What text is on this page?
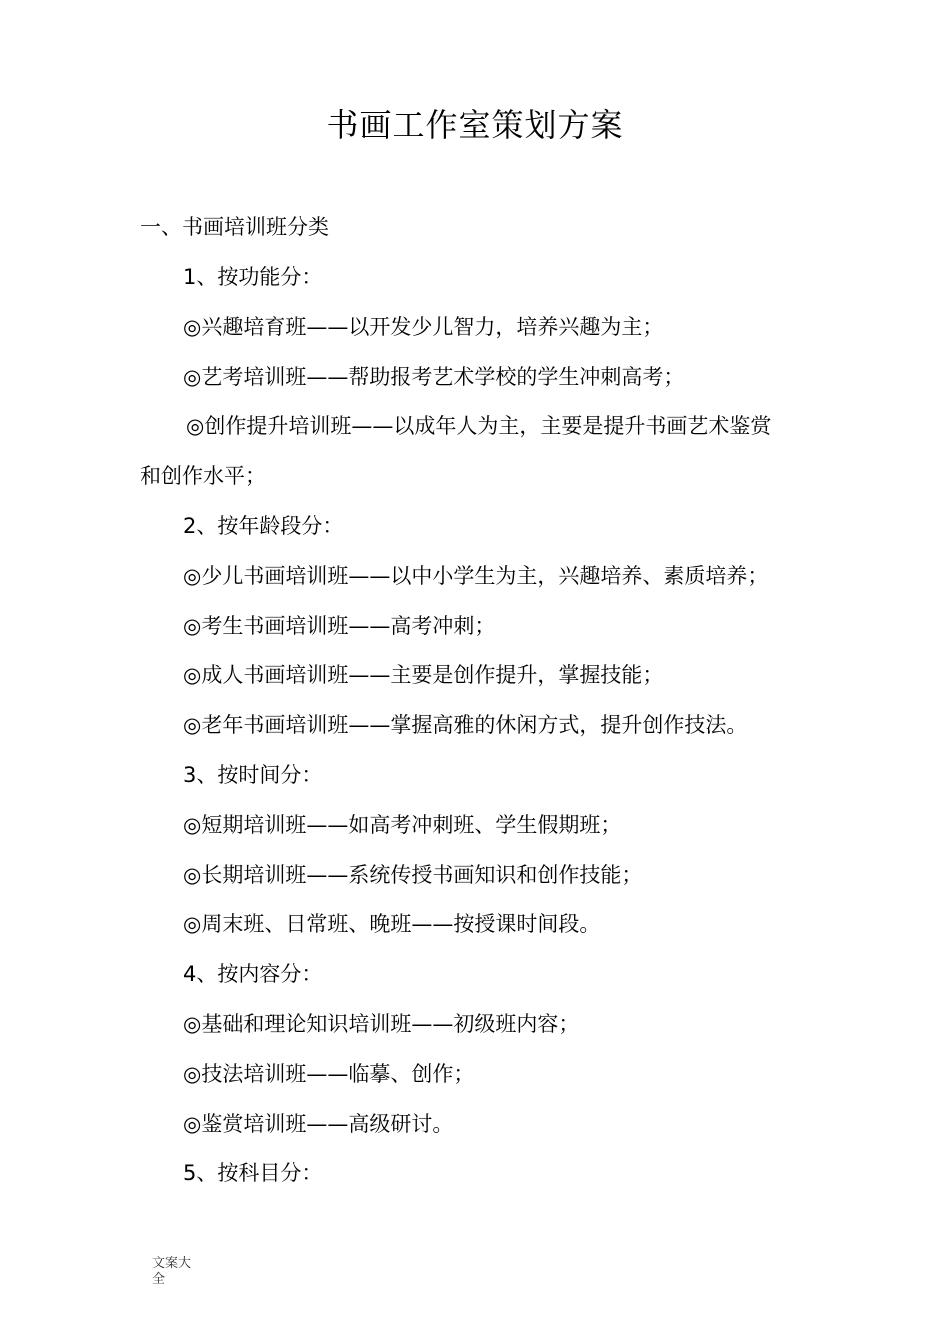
书画工作室策划方案
一、书画培训班分类
1、按功能分：
◎兴趣培育班——以开发少儿智力，培养兴趣为主；
◎艺考培训班——帮助报考艺术学校的学生冲刺高考；
◎创作提升培训班——以成年人为主，主要是提升书画艺术鉴赏
和创作水平；
2、按年龄段分：
◎少儿书画培训班——以中小学生为主，兴趣培养、素质培养；
◎考生书画培训班——高考冲刺；
◎成人书画培训班——主要是创作提升，掌握技能；
◎老年书画培训班——掌握高雅的休闲方式，提升创作技法。
3、按时间分：
◎短期培训班——如高考冲刺班、学生假期班；
◎长期培训班——系统传授书画知识和创作技能；
◎周末班、日常班、晚班——按授课时间段。
4、按内容分：
◎基础和理论知识培训班——初级班内容；
◎技法培训班——临摹、创作；
◎鉴赏培训班——高级研讨。
5、按科目分：
文案大全
